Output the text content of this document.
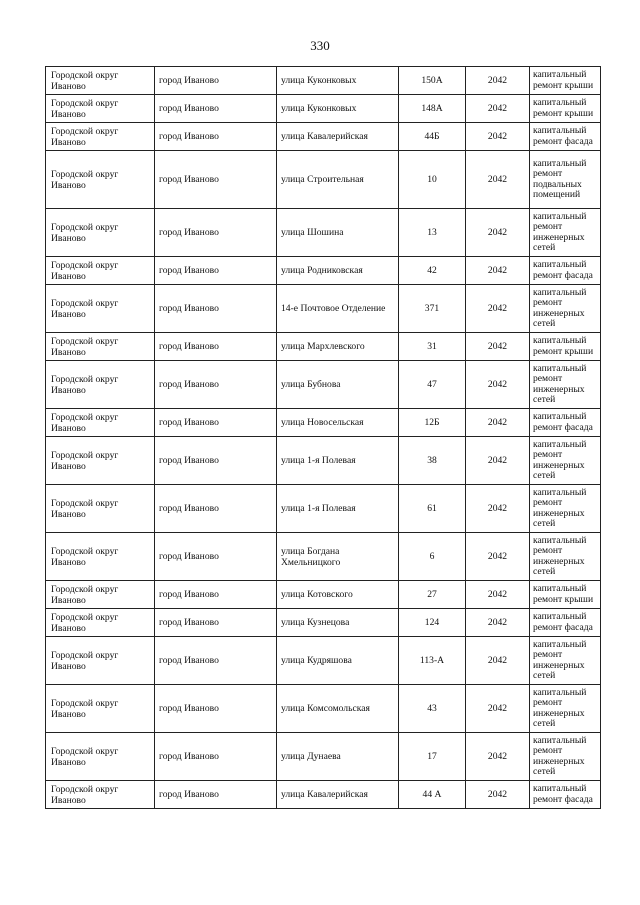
330
Городской округ Иваново	город Иваново	улица Куконковых	150А	2042	капитальный ремонт крыши
Городской округ Иваново	город Иваново	улица Куконковых	148А	2042	капитальный ремонт крыши
Городской округ Иваново	город Иваново	улица Кавалерийская	44Б	2042	капитальный ремонт фасада
Городской округ Иваново	город Иваново	улица Строительная	10	2042	капитальный ремонт подвальных помещений
Городской округ Иваново	город Иваново	улица Шошина	13	2042	капитальный ремонт инженерных сетей
Городской округ Иваново	город Иваново	улица Родниковская	42	2042	капитальный ремонт фасада
Городской округ Иваново	город Иваново	14-е Почтовое Отделение	371	2042	капитальный ремонт инженерных сетей
Городской округ Иваново	город Иваново	улица Мархлевского	31	2042	капитальный ремонт крыши
Городской округ Иваново	город Иваново	улица Бубнова	47	2042	капитальный ремонт инженерных сетей
Городской округ Иваново	город Иваново	улица Новосельская	12Б	2042	капитальный ремонт фасада
Городской округ Иваново	город Иваново	улица 1-я Полевая	38	2042	капитальный ремонт инженерных сетей
Городской округ Иваново	город Иваново	улица 1-я Полевая	61	2042	капитальный ремонт инженерных сетей
Городской округ Иваново	город Иваново	улица Богдана Хмельницкого	6	2042	капитальный ремонт инженерных сетей
Городской округ Иваново	город Иваново	улица Котовского	27	2042	капитальный ремонт крыши
Городской округ Иваново	город Иваново	улица Кузнецова	124	2042	капитальный ремонт фасада
Городской округ Иваново	город Иваново	улица Кудряшова	113-А	2042	капитальный ремонт инженерных сетей
Городской округ Иваново	город Иваново	улица Комсомольская	43	2042	капитальный ремонт инженерных сетей
Городской округ Иваново	город Иваново	улица Дунаева	17	2042	капитальный ремонт инженерных сетей
Городской округ Иваново	город Иваново	улица Кавалерийская	44 А	2042	капитальный ремонт фасада
